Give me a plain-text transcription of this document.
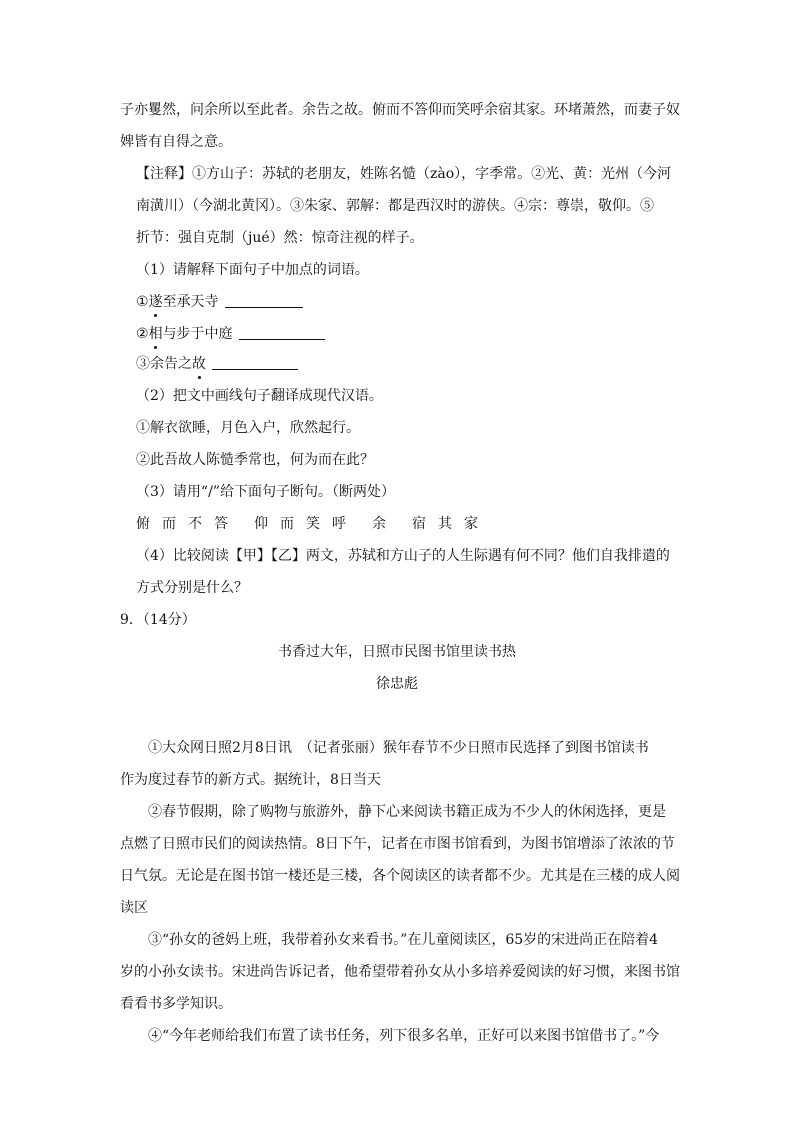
子亦矍然，问余所以至此者。余告之故。俯而不答仰而笑呼余宿其家。环堵萧然，而妻子奴
婢皆有自得之意。
【注释】①方山子：苏轼的老朋友，姓陈名慥（zào），字季常。②光、黄：光州（今河
南潢川）（今湖北黄冈）。③朱家、郭解：都是西汉时的游侠。④宗：尊崇，敬仰。⑤
折节：强自克制（jué）然：惊奇注视的样子。
（1）请解释下面句子中加点的词语。
①遂至承天寺
②相与步于中庭
③余告之故
（2）把文中画线句子翻译成现代汉语。
①解衣欲睡，月色入户，欣然起行。
②此吾故人陈慥季常也，何为而在此？
（3）请用“/”给下面句子断句。（断两处）
俯 而 不 答 仰 而 笑 呼 余 宿 其 家
（4）比较阅读【甲】【乙】两文，苏轼和方山子的人生际遇有何不同？他们自我排遣的
方式分别是什么？
9．（14分）
书香过大年，日照市民图书馆里读书热
徐忠彪
①大众网日照2月8日讯　（记者张丽）猴年春节不少日照市民选择了到图书馆读书
作为度过春节的新方式。据统计，8日当天
②春节假期，除了购物与旅游外，静下心来阅读书籍正成为不少人的休闲选择，更是
点燃了日照市民们的阅读热情。8日下午，记者在市图书馆看到，为图书馆增添了浓浓的节
日气氛。无论是在图书馆一楼还是三楼，各个阅读区的读者都不少。尤其是在三楼的成人阅
读区
③“孙女的爸妈上班，我带着孙女来看书。”在儿童阅读区，65岁的宋进尚正在陪着4
岁的小孙女读书。宋进尚告诉记者，他希望带着孙女从小多培养爱阅读的好习惯，来图书馆
看看书多学知识。
④“今年老师给我们布置了读书任务，列下很多名单，正好可以来图书馆借书了。”今
